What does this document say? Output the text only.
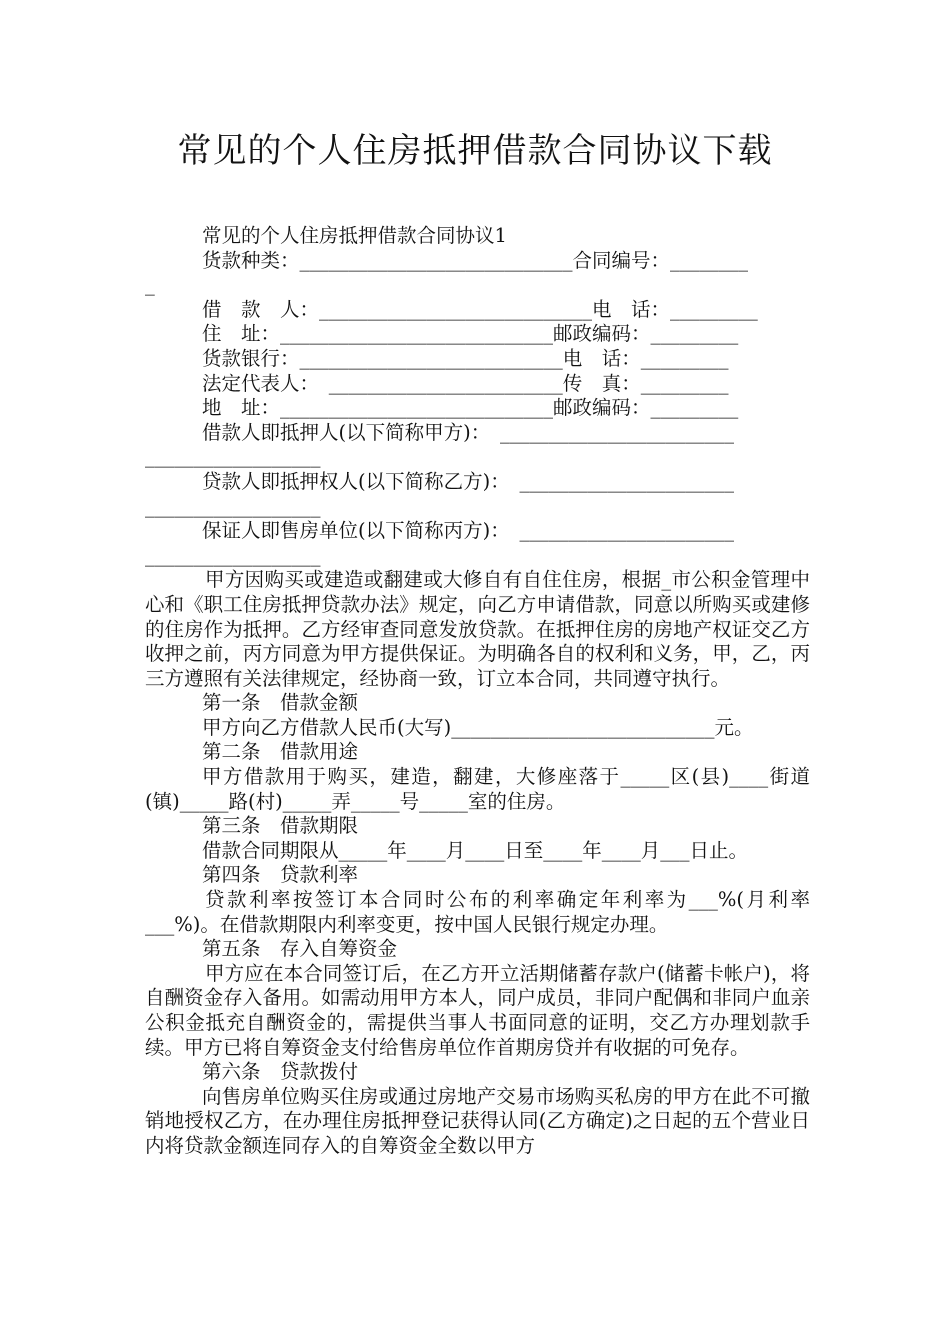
常见的个人住房抵押借款合同协议下载

常见的个人住房抵押借款合同协议1

货款种类：____________________________合同编号：________

_

借　款　人：____________________________电　话：_________

住　址：____________________________邮政编码：_________

货款银行：___________________________电　话：_________

法定代表人：　________________________传　真：_________

地　址：____________________________邮政编码：_________

借款人即抵押人(以下简称甲方)：　________________________

__________________

贷款人即抵押权人(以下简称乙方)：　______________________

__________________

保证人即售房单位(以下简称丙方)：　______________________

__________________

甲方因购买或建造或翻建或大修自有自住住房，根据_市公积金管理中心和《职工住房抵押贷款办法》规定，向乙方申请借款，同意以所购买或建修的住房作为抵押。乙方经审查同意发放贷款。在抵押住房的房地产权证交乙方收押之前，丙方同意为甲方提供保证。为明确各自的权利和义务，甲，乙，丙三方遵照有关法律规定，经协商一致，订立本合同，共同遵守执行。

第一条　借款金额

甲方向乙方借款人民币(大写)___________________________元。

第二条　借款用途

甲方借款用于购买，建造，翻建，大修座落于_____区(县)____街道(镇)_____路(村)_____弄_____号_____室的住房。

第三条　借款期限

借款合同期限从_____年____月____日至____年____月___日止。

第四条　贷款利率

贷款利率按签订本合同时公布的利率确定年利率为___%(月利率___%)。在借款期限内利率变更，按中国人民银行规定办理。

第五条　存入自筹资金

甲方应在本合同签订后，在乙方开立活期储蓄存款户(储蓄卡帐户)，将自酬资金存入备用。如需动用甲方本人，同户成员，非同户配偶和非同户血亲公积金抵充自酬资金的，需提供当事人书面同意的证明，交乙方办理划款手续。甲方已将自筹资金支付给售房单位作首期房贷并有收据的可免存。

第六条　贷款拨付

向售房单位购买住房或通过房地产交易市场购买私房的甲方在此不可撤销地授权乙方，在办理住房抵押登记获得认同(乙方确定)之日起的五个营业日内将贷款金额连同存入的自筹资金全数以甲方
